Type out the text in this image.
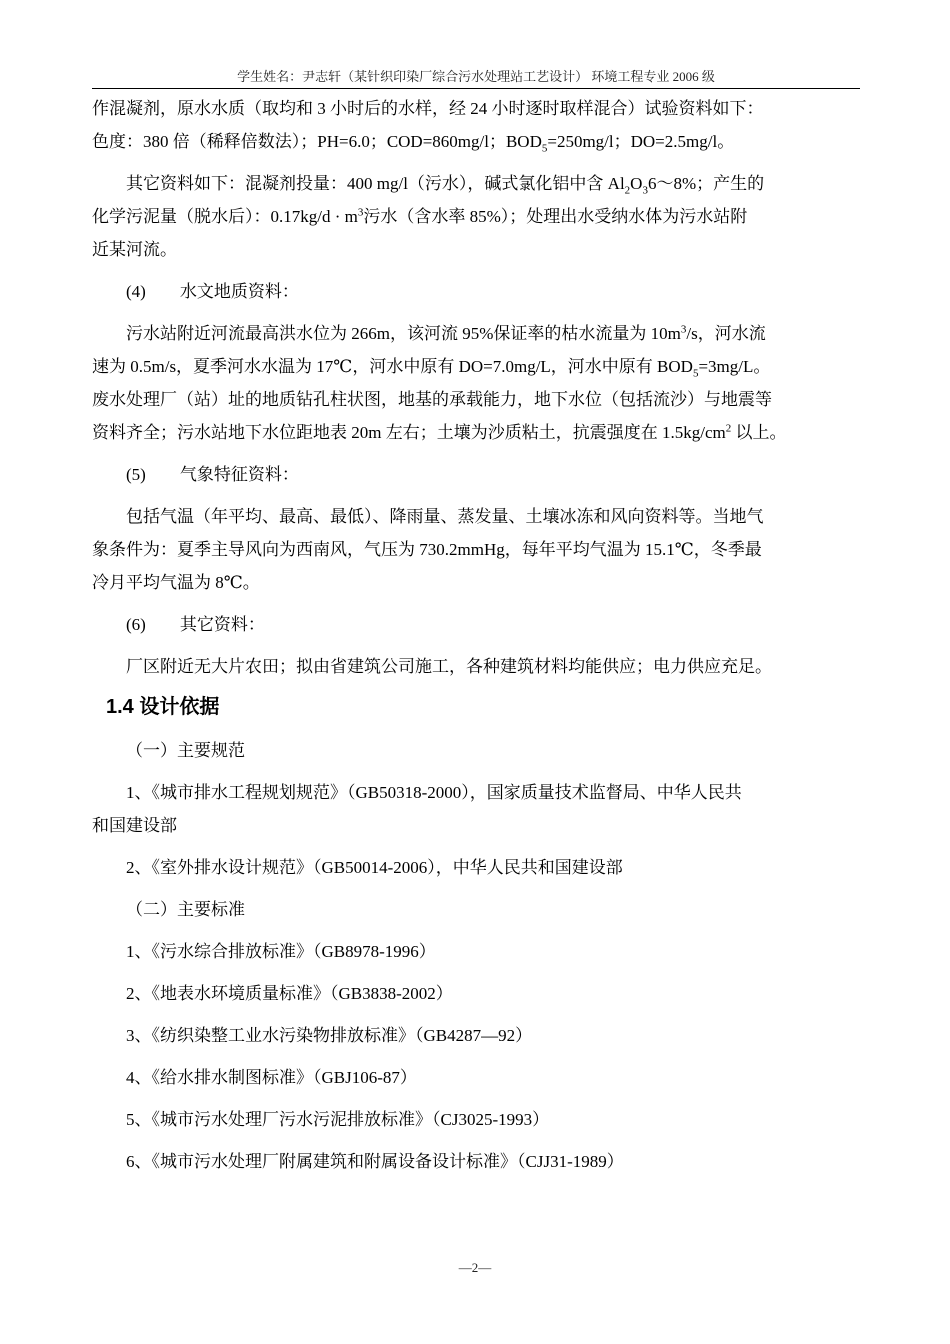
学生姓名：尹志轩（某针织印染厂综合污水处理站工艺设计） 环境工程专业 2006 级

作混凝剂，原水水质（取均和 3 小时后的水样，经 24 小时逐时取样混合）试验资料如下：

色度：380 倍（稀释倍数法）；PH=6.0；COD=860mg/l；$BOD_5=250mg/l$；DO=2.5mg/l。

其它资料如下：混凝剂投量：400 mg/l（污水），碱式氯化铝中含 $Al_2O_36\sim 8\%$；产生的

化学污泥量（脱水后）：$0.17kg/d \cdot m^3$污水（含水率 85%）；处理出水受纳水体为污水站附

近某河流。

(4)　　水文地质资料：

污水站附近河流最高洪水位为 266m，该河流 95%保证率的枯水流量为 $10m^3/s$，河水流

速为 0.5m/s，夏季河水水温为 17℃，河水中原有 DO=7.0mg/L，河水中原有 $BOD_5=3mg/L$。

废水处理厂（站）址的地质钻孔柱状图，地基的承载能力，地下水位（包括流沙）与地震等

资料齐全；污水站地下水位距地表 20m 左右；土壤为沙质粘土，抗震强度在 $1.5kg/cm^2$ 以上。

(5)　　气象特征资料：

包括气温（年平均、最高、最低）、降雨量、蒸发量、土壤冰冻和风向资料等。当地气

象条件为：夏季主导风向为西南风，气压为 730.2mmHg，每年平均气温为 15.1℃，冬季最

冷月平均气温为 8℃。

(6)　　其它资料：

厂区附近无大片农田；拟由省建筑公司施工，各种建筑材料均能供应；电力供应充足。

1.4 设计依据

（一）主要规范

1、《城市排水工程规划规范》（GB50318-2000），国家质量技术监督局、中华人民共

和国建设部

2、《室外排水设计规范》（GB50014-2006），中华人民共和国建设部

（二）主要标准

1、《污水综合排放标准》（GB8978-1996）

2、《地表水环境质量标准》（GB3838-2002）

3、《纺织染整工业水污染物排放标准》（GB4287—92）

4、《给水排水制图标准》（GBJ106-87）

5、《城市污水处理厂污水污泥排放标准》（CJ3025-1993）

6、《城市污水处理厂附属建筑和附属设备设计标准》（CJJ31-1989）

—2—
